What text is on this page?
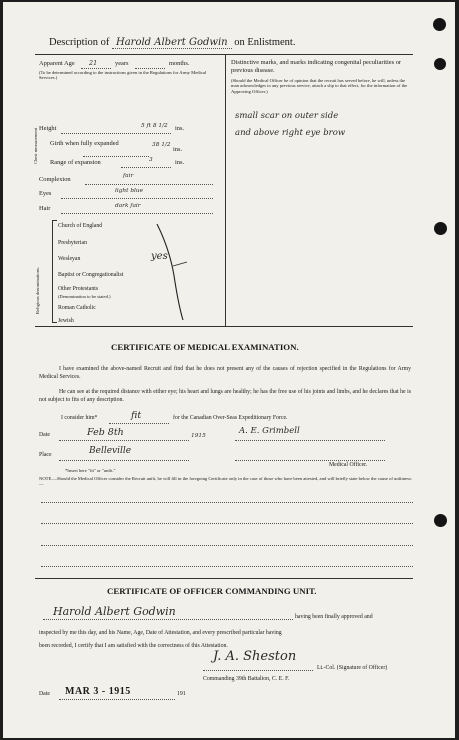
Description of Harold Albert Godwin on Enlistment.
Apparent Age 21	years	months.
(To be determined according to the instructions given in the Regulations for Army Medical Services.)
Height	5 ft 8 1/2 ins.
Chest measurement Girth when fully expanded	38 1/2
ins.
Range of expansion	3	ins.
Complexion	fair
Eyes	light blue
Hair	dark fair
Religious denominations.
Church of England
Presbyterian
Wesleyan	yes
Baptist or Congregationalist
Other Protestants
(Denomination to be stated.)
Roman Catholic
Jewish
Distinctive marks, and marks indicating congenital peculiarities or previous disease.
(Should the Medical Officer be of opinion that the recruit has served before, he will, unless the man acknowledges to any previous service, attach a slip to that effect, for the information of the Approving Officer.)
small scar on outer side
and above right eye brow
CERTIFICATE OF MEDICAL EXAMINATION.
I have examined the above-named Recruit and find that he does not present any of the causes of rejection specified in the Regulations for Army Medical Services.
He can see at the required distance with either eye; his heart and lungs are healthy; he has the free use of his joints and limbs, and he declares that he is not subject to fits of any description.
I consider him*	fit	for the Canadian Over-Seas Expeditionary Force.
Date	Feb 8th	1915	A. E. Grimbell
Place	Belleville
Medical Officer.
*Insert here "fit" or "unfit."
NOTE.—Should the Medical Officer consider the Recruit unfit, he will fill in the foregoing Certificate only in the case of those who have been attested, and will briefly state below the cause of unfitness:—
CERTIFICATE OF OFFICER COMMANDING UNIT.
Harold Albert Godwin	having been finally approved and
inspected by me this day, and his Name, Age, Date of Attestation, and every prescribed particular having
been recorded, I certify that I am satisfied with the correctness of this Attestation.
J. A. Sheston
Lt.-Col. (Signature of Officer)
Commanding 39th Battalion, C. E. F.
Date MAR 3 - 1915	191
